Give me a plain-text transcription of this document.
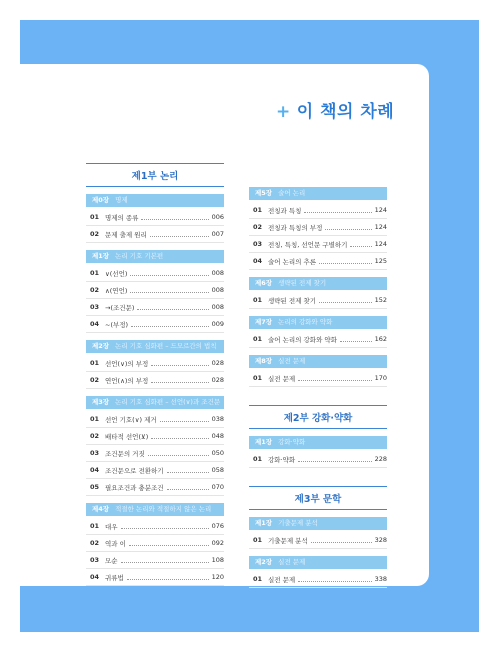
+ 이 책의 차례
제1부 논리
제0장 명제
01 명제의 종류	006
02 문제 출제 원리	007
제1장 논리 기호 기본편
01 ∨(선언)	008
02 ∧(연언)	008
03 →(조건문)	008
04 ~(부정)	009
제2장 논리 기호 심화편 – 드모르간의 법칙
01 선언(∨)의 부정	028
02 연언(∧)의 부정	028
제3장 논리 기호 심화편 – 선언(∨)과 조건문
01 선언 기호(∨) 제거	038
02 배타적 선언(⊻)	048
03 조건문의 거짓	050
04 조건문으로 전환하기	058
05 필요조건과 충분조건	070
제4장 적절한 논리와 적절하지 않은 논리
01 대우	076
02 역과 이	092
03 모순	108
04 귀류법	120
제5장 술어 논리
01 전칭과 특칭	124
02 전칭과 특칭의 부정	124
03 전칭, 특칭, 선언문 구별하기	124
04 술어 논리의 추론	125
제6장 생략된 전제 찾기
01 생략된 전제 찾기	152
제7장 논리의 강화와 약화
01 술어 논리의 강화와 약화	162
제8장 실전 문제
01 실전 문제	170
제2부 강화·약화
제1장 강화·약화
01 강화·약화	228
제3부 문학
제1장 기출문제 분석
01 기출문제 분석	328
제2장 실전 문제
01 실전 문제	338
